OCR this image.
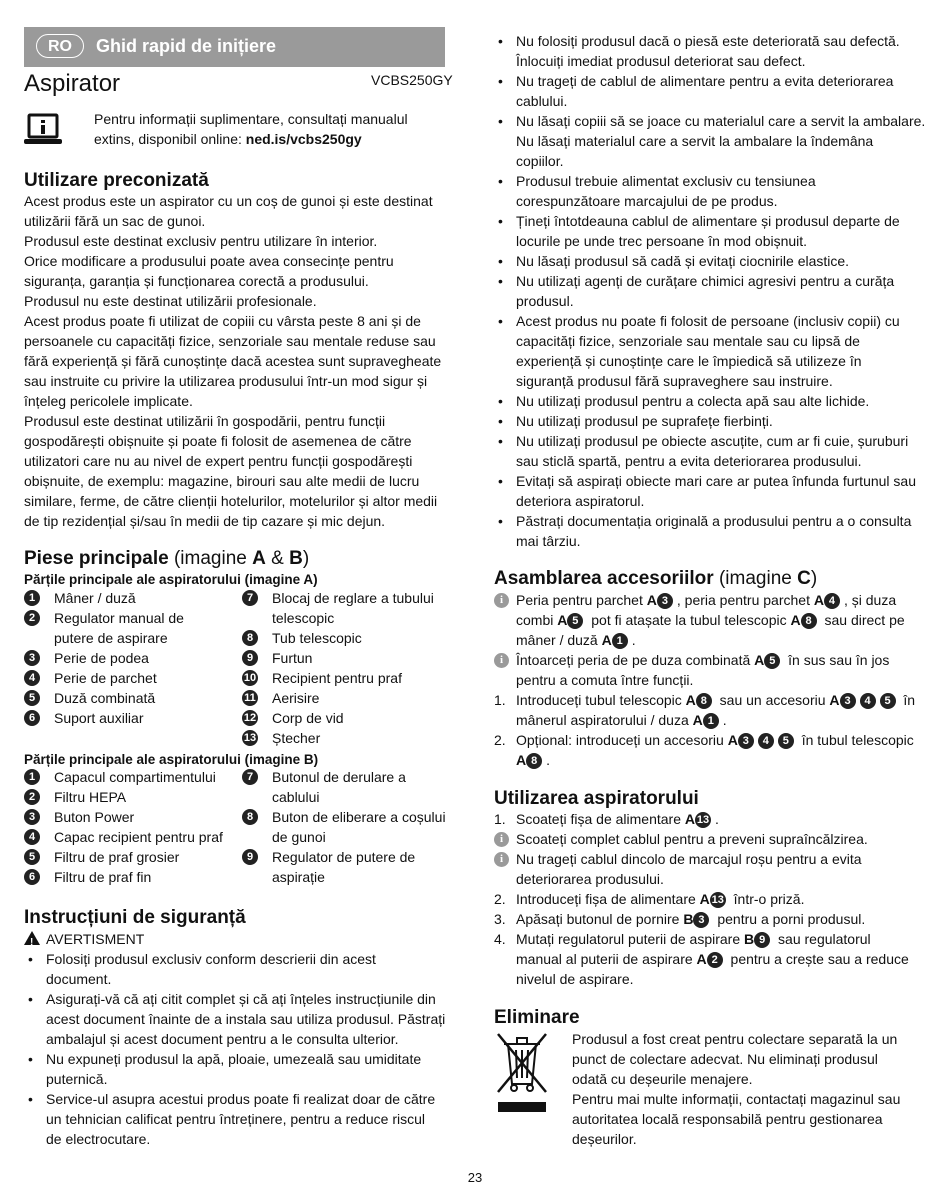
RO	Ghid rapid de inițiere
Aspirator	VCBS250GY
Pentru informații suplimentare, consultați manualul extins, disponibil online: ned.is/vcbs250gy
Utilizare preconizată
Acest produs este un aspirator cu un coș de gunoi și este destinat
utilizării fără un sac de gunoi.
Produsul este destinat exclusiv pentru utilizare în interior.
Orice modificare a produsului poate avea consecințe pentru
siguranța, garanția și funcționarea corectă a produsului.
Produsul nu este destinat utilizării profesionale.
Acest produs poate fi utilizat de copiii cu vârsta peste 8 ani și de
persoanele cu capacități fizice, senzoriale sau mentale reduse sau
fără experiență și fără cunoștințe dacă acestea sunt supravegheate
sau instruite cu privire la utilizarea produsului într-un mod sigur și
înțeleg pericolele implicate.
Produsul este destinat utilizării în gospodării, pentru funcții
gospodărești obișnuite și poate fi folosit de asemenea de către
utilizatori care nu au nivel de expert pentru funcții gospodărești
obișnuite, de exemplu: magazine, birouri sau alte medii de lucru
similare, ferme, de către clienții hotelurilor, motelurilor și altor medii
de tip rezidențial și/sau în medii de tip cazare și mic dejun.
Piese principale (imagine A & B)
Părțile principale ale aspiratorului (imagine A)
1	Mâner / duză
2	Regulator manual de
putere de aspirare
3	Perie de podea
4	Perie de parchet
5	Duză combinată
6	Suport auxiliar
7	Blocaj de reglare a tubului
telescopic
8	Tub telescopic
9	Furtun
10 Recipient pentru praf
11 Aerisire
12 Corp de vid
13 Ștecher
Părțile principale ale aspiratorului (imagine B)
1	Capacul compartimentului
2	Filtru HEPA
3	Buton Power
4	Capac recipient pentru praf
5	Filtru de praf grosier
6	Filtru de praf fin
7	Butonul de derulare a
cablului
8	Buton de eliberare a coșului
de gunoi
9	Regulator de putere de
aspirație
Instrucțiuni de siguranță
! AVERTISMENT
• Folosiți produsul exclusiv conform descrierii din acest
document.
• Asigurați-vă că ați citit complet și că ați înțeles instrucțiunile din
acest document înainte de a instala sau utiliza produsul. Păstrați
ambalajul și acest document pentru a le consulta ulterior.
• Nu expuneți produsul la apă, ploaie, umezeală sau umiditate
puternică.
• Service-ul asupra acestui produs poate fi realizat doar de către
un tehnician calificat pentru întreținere, pentru a reduce riscul
de electrocutare.
• Nu folosiți produsul dacă o piesă este deteriorată sau defectă.
Înlocuiți imediat produsul deteriorat sau defect.
• Nu trageți de cablul de alimentare pentru a evita deteriorarea
cablului.
• Nu lăsați copiii să se joace cu materialul care a servit la ambalare.
Nu lăsați materialul care a servit la ambalare la îndemâna
copiilor.
• Produsul trebuie alimentat exclusiv cu tensiunea
corespunzătoare marcajului de pe produs.
• Țineți întotdeauna cablul de alimentare și produsul departe de
locurile pe unde trec persoane în mod obișnuit.
• Nu lăsați produsul să cadă și evitați ciocnirile elastice.
• Nu utilizați agenți de curățare chimici agresivi pentru a curăța
produsul.
• Acest produs nu poate fi folosit de persoane (inclusiv copii) cu
capacități fizice, senzoriale sau mentale sau cu lipsă de
experiență și cunoștințe care le împiedică să utilizeze în
siguranță produsul fără supraveghere sau instruire.
• Nu utilizați produsul pentru a colecta apă sau alte lichide.
• Nu utilizați produsul pe suprafețe fierbinți.
• Nu utilizați produsul pe obiecte ascuțite, cum ar fi cuie, șuruburi
sau sticlă spartă, pentru a evita deteriorarea produsului.
• Evitați să aspirați obiecte mari care ar putea înfunda furtunul sau
deteriora aspiratorul.
• Păstrați documentația originală a produsului pentru a o consulta
mai târziu.
Asamblarea accesoriilor (imagine C)
i Peria pentru parchet A 3 , peria pentru parchet A 4 , și duza
combi A 5 pot fi atașate la tubul telescopic A 8 sau direct pe
mâner / duză A 1 .
i Întoarceți peria de pe duza combinată A 5 în sus sau în jos
pentru a comuta între funcții.
1. Introduceți tubul telescopic A 8 sau un accesoriu A 3 4 5 în
mânerul aspiratorului / duza A 1 .
2. Opțional: introduceți un accesoriu A 3 4 5 în tubul telescopic
A 8 .
Utilizarea aspiratorului
1. Scoateți fișa de alimentare A 13 .
i Scoateți complet cablul pentru a preveni supraîncălzirea.
i Nu trageți cablul dincolo de marcajul roșu pentru a evita
deteriorarea produsului.
2. Introduceți fișa de alimentare A 13 într-o priză.
3. Apăsați butonul de pornire B 3 pentru a porni produsul.
4. Mutați regulatorul puterii de aspirare B 9 sau regulatorul
manual al puterii de aspirare A 2 pentru a crește sau a reduce
nivelul de aspirare.
Eliminare
Produsul a fost creat pentru colectare separată la un
punct de colectare adecvat. Nu eliminați produsul
odată cu deșeurile menajere.
Pentru mai multe informații, contactați magazinul sau
autoritatea locală responsabilă pentru gestionarea
deșeurilor.
23
